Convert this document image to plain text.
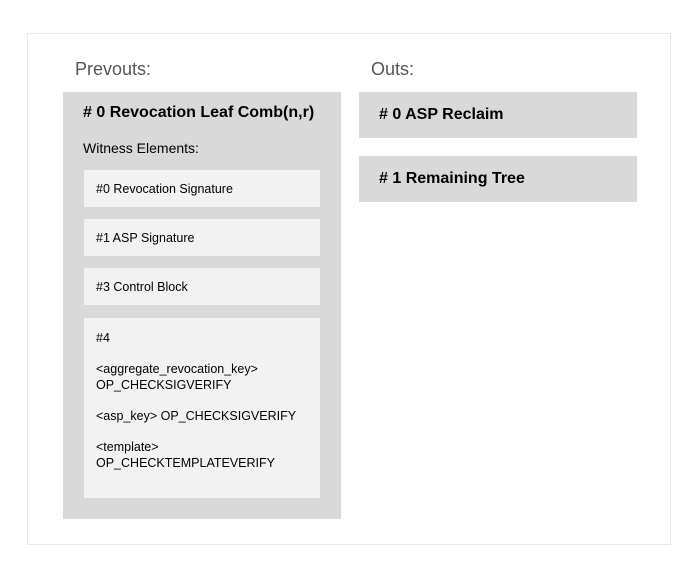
Prevouts:	Outs:
# 0 Revocation Leaf Comb(n,r)
Witness Elements:
#0 Revocation Signature
#1 ASP Signature
#3 Control Block
#4
<aggregate_revocation_key>
OP_CHECKSIGVERIFY
<asp_key> OP_CHECKSIGVERIFY
<template>
OP_CHECKTEMPLATEVERIFY
# 0 ASP Reclaim
# 1 Remaining Tree
